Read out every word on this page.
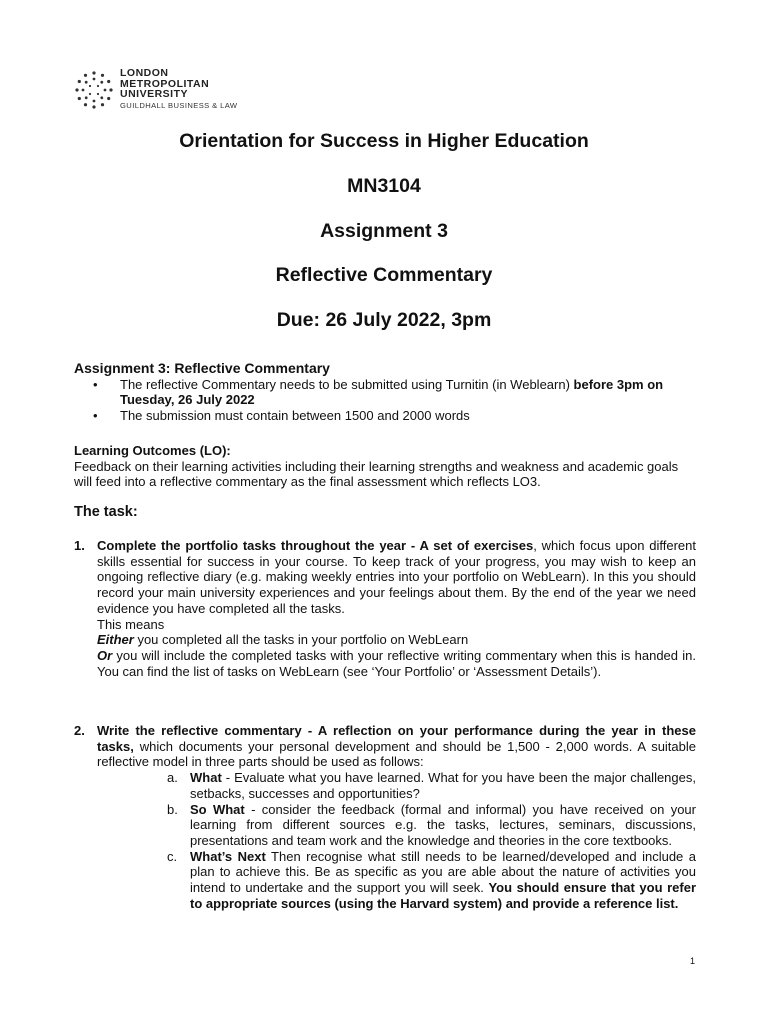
LONDON
METROPOLITAN
UNIVERSITY
GUILDHALL BUSINESS & LAW
Orientation for Success in Higher Education
MN3104
Assignment 3
Reflective Commentary
Due: 26 July 2022, 3pm
Assignment 3: Reflective Commentary
• The reflective Commentary needs to be submitted using Turnitin (in Weblearn) before 3pm on Tuesday, 26 July 2022
• The submission must contain between 1500 and 2000 words
Learning Outcomes (LO):
Feedback on their learning activities including their learning strengths and weakness and academic goals will feed into a reflective commentary as the final assessment which reflects LO3.
The task:
1. Complete the portfolio tasks throughout the year - A set of exercises, which focus upon different skills essential for success in your course. To keep track of your progress, you may wish to keep an ongoing reflective diary (e.g. making weekly entries into your portfolio on WebLearn). In this you should record your main university experiences and your feelings about them. By the end of the year we need evidence you have completed all the tasks.
This means
Either you completed all the tasks in your portfolio on WebLearn
Or you will include the completed tasks with your reflective writing commentary when this is handed in. You can find the list of tasks on WebLearn (see ‘Your Portfolio’ or ‘Assessment Details’).
2. Write the reflective commentary - A reflection on your performance during the year in these tasks, which documents your personal development and should be 1,500 - 2,000 words. A suitable reflective model in three parts should be used as follows:
a. What - Evaluate what you have learned. What for you have been the major challenges, setbacks, successes and opportunities?
b. So What - consider the feedback (formal and informal) you have received on your learning from different sources e.g. the tasks, lectures, seminars, discussions, presentations and team work and the knowledge and theories in the core textbooks.
c. What’s Next Then recognise what still needs to be learned/developed and include a plan to achieve this. Be as specific as you are able about the nature of activities you intend to undertake and the support you will seek. You should ensure that you refer to appropriate sources (using the Harvard system) and provide a reference list.
1
